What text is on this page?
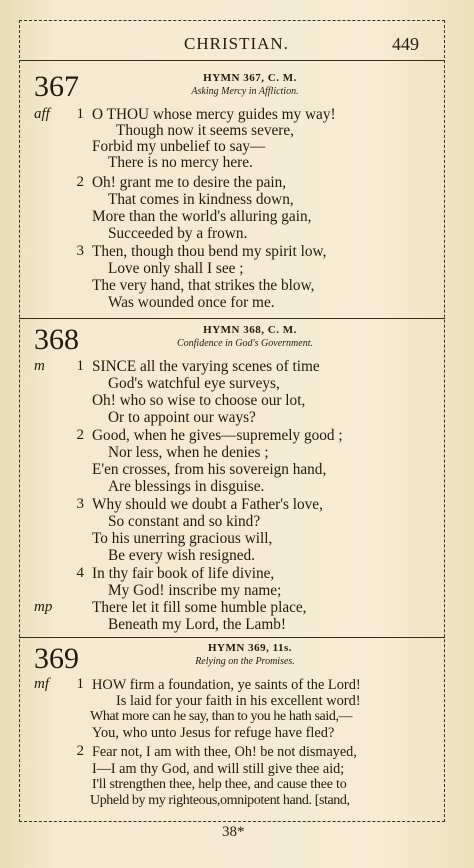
CHRISTIAN.	449
367	HYMN 367, C. M.
Asking Mercy in Affliction.
aff	1 O THOU whose mercy guides my way!
Though now it seems severe,
Forbid my unbelief to say—
There is no mercy here.
2 Oh! grant me to desire the pain,
That comes in kindness down,
More than the world's alluring gain,
Succeeded by a frown.
3 Then, though thou bend my spirit low,
Love only shall I see ;
The very hand, that strikes the blow,
Was wounded once for me.
368	HYMN 368, C. M.
Confidence in God's Government.
m	1 SINCE all the varying scenes of time
God's watchful eye surveys,
Oh! who so wise to choose our lot,
Or to appoint our ways?
2 Good, when he gives—supremely good ;
Nor less, when he denies ;
E'en crosses, from his sovereign hand,
Are blessings in disguise.
3 Why should we doubt a Father's love,
So constant and so kind?
To his unerring gracious will,
Be every wish resigned.
4 In thy fair book of life divine,
My God! inscribe my name;
mp	There let it fill some humble place,
Beneath my Lord, the Lamb!
369	HYMN 369, 11s.
Relying on the Promises.
mf	1 HOW firm a foundation, ye saints of the Lord!
Is laid for your faith in his excellent word!
What more can he say, than to you he hath said,—
You, who unto Jesus for refuge have fled?
2 Fear not, I am with thee, Oh! be not dismayed,
I—I am thy God, and will still give thee aid;
I'll strengthen thee, help thee, and cause thee to
Upheld by my righteous,omnipotent hand. [stand,
38*
